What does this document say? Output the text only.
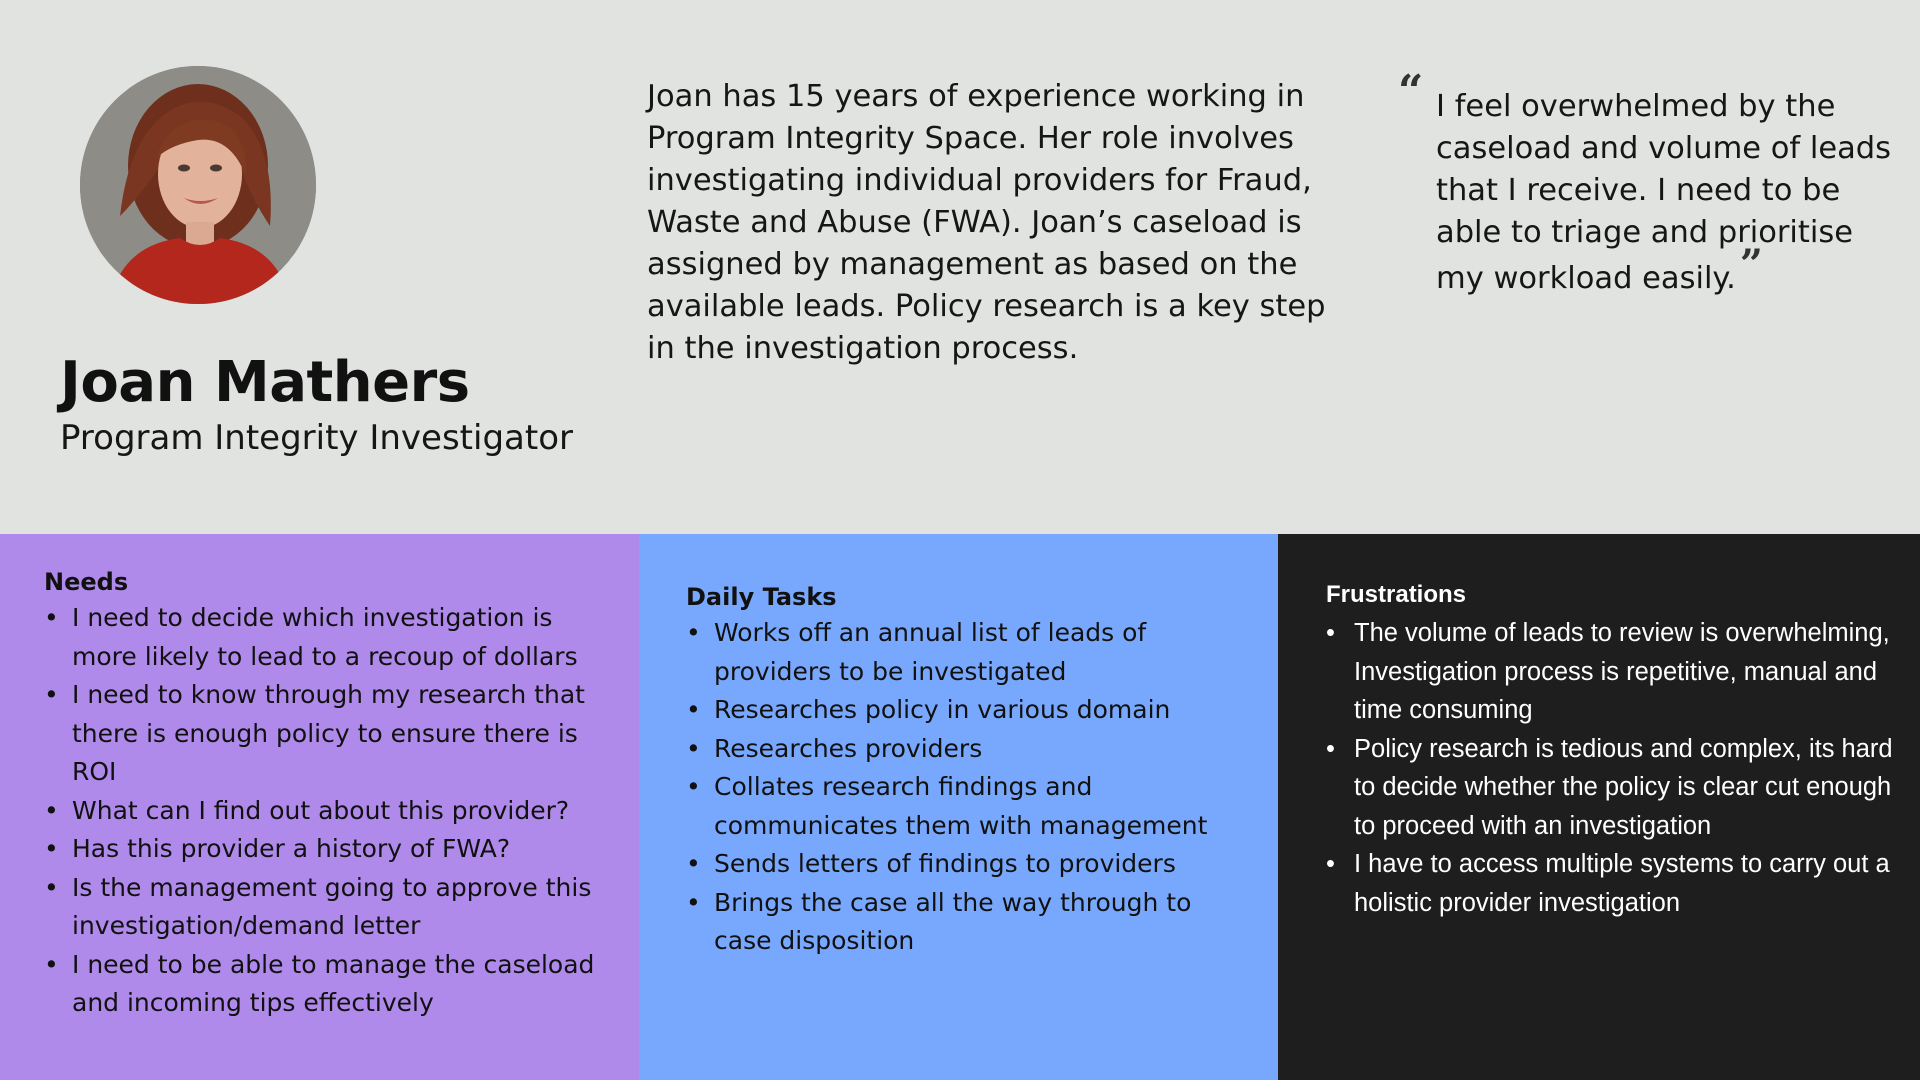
Joan Mathers
Program Integrity Investigator
Joan has 15 years of experience working in Program Integrity Space. Her role involves investigating individual providers for Fraud, Waste and Abuse (FWA). Joan’s caseload is assigned by management as based on the available leads. Policy research is a key step in the investigation process.
“ I feel overwhelmed by the caseload and volume of leads that I receive. I need to be able to triage and prioritise my workload easily. ”
Needs
• I need to decide which investigation is more likely to lead to a recoup of dollars
• I need to know through my research that there is enough policy to ensure there is ROI
• What can I find out about this provider?
• Has this provider a history of FWA?
• Is the management going to approve this investigation/demand letter
• I need to be able to manage the caseload and incoming tips effectively
Daily Tasks
• Works off an annual list of leads of providers to be investigated
• Researches policy in various domain
• Researches providers
• Collates research findings and communicates them with management
• Sends letters of findings to providers
• Brings the case all the way through to case disposition
Frustrations
• The volume of leads to review is overwhelming, Investigation process is repetitive, manual and time consuming
• Policy research is tedious and complex, its hard to decide whether the policy is clear cut enough to proceed with an investigation
• I have to access multiple systems to carry out a holistic provider investigation
